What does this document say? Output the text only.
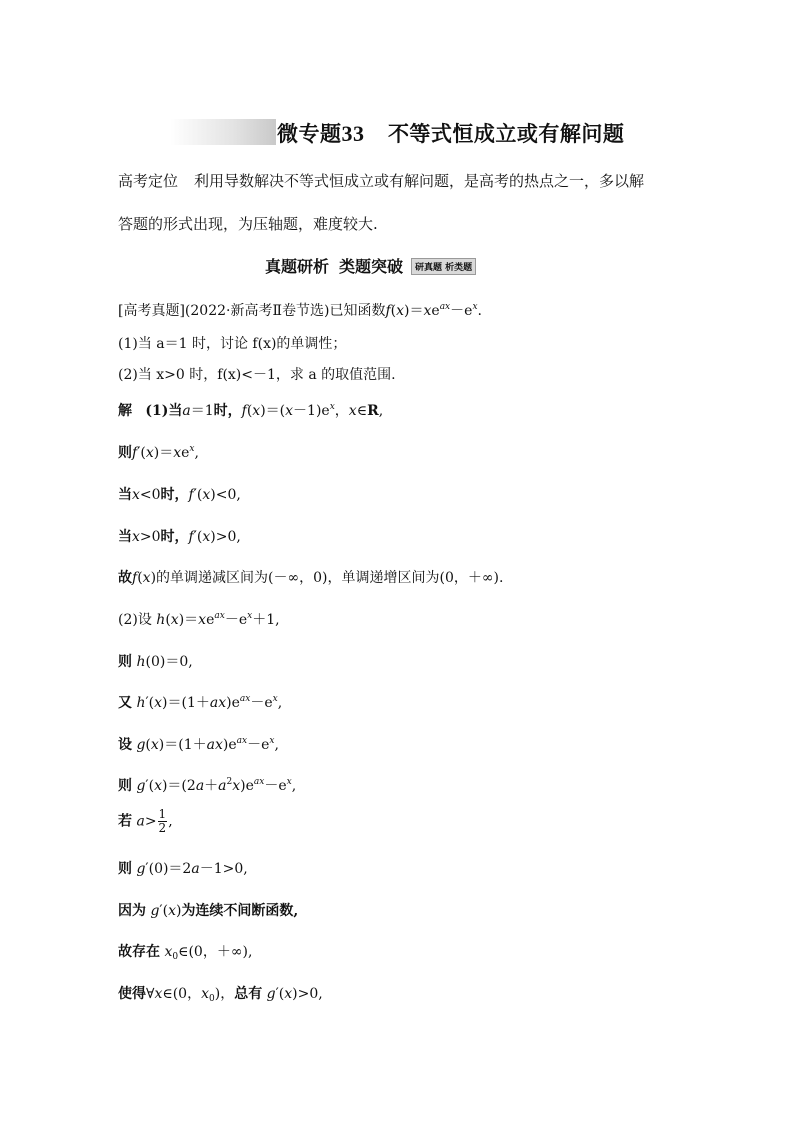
微专题33 不等式恒成立或有解问题
高考定位 利用导数解决不等式恒成立或有解问题，是高考的热点之一，多以解
答题的形式出现，为压轴题，难度较大.
真题研析 类题突破 研真题 析类题
[高考真题](2022·新高考Ⅱ卷节选)已知函数$f(x)=xe^{ax}-e^x$.
(1)当 a＝1 时，讨论 f(x)的单调性；
(2)当 x>0 时，f(x)<－1，求 a 的取值范围.
解 (1)当a＝1时，$f(x)=(x-1)e^x$，x∈R,
则$f'(x)=xe^x$,
当x<0时，f′(x)<0,
当x>0时，f′(x)>0,
故f(x)的单调递减区间为(－∞，0)，单调递增区间为(0，＋∞).
(2)设 $h(x)=xe^{ax}-e^x+1$,
则 h(0)＝0,
又 $h'(x)=(1+ax)e^{ax}-e^x$,
设 $g(x)=(1+ax)e^{ax}-e^x$,
则 $g'(x)=(2a+a^2x)e^{ax}-e^x$,
若 $a> \frac{1}{2}$ ,
则 g′(0)＝2a－1>0,
因为 g′(x)为连续不间断函数,
故存在 $x_0\in(0$，＋∞),
使得∀x∈(0，$x_0$)，总有 g′(x)>0,
